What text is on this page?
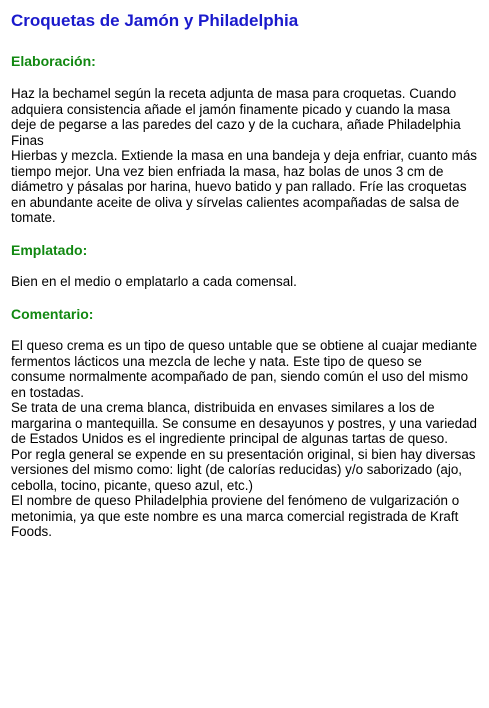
Croquetas de Jamón y Philadelphia
Elaboración:
Haz la bechamel según la receta adjunta de masa para croquetas. Cuando adquiera consistencia añade el jamón finamente picado y cuando la masa deje de pegarse a las paredes del cazo y de la cuchara, añade Philadelphia Finas
Hierbas y mezcla. Extiende la masa en una bandeja y deja enfriar, cuanto más tiempo mejor. Una vez bien enfriada la masa, haz bolas de unos 3 cm de diámetro y pásalas por harina, huevo batido y pan rallado. Fríe las croquetas en abundante aceite de oliva y sírvelas calientes acompañadas de salsa de tomate.
Emplatado:
Bien en el medio o emplatarlo a cada comensal.
Comentario:
El queso crema es un tipo de queso untable que se obtiene al cuajar mediante fermentos lácticos una mezcla de leche y nata. Este tipo de queso se consume normalmente acompañado de pan, siendo común el uso del mismo en tostadas.
Se trata de una crema blanca, distribuida en envases similares a los de margarina o mantequilla. Se consume en desayunos y postres, y una variedad de Estados Unidos es el ingrediente principal de algunas tartas de queso.
Por regla general se expende en su presentación original, si bien hay diversas versiones del mismo como: light (de calorías reducidas) y/o saborizado (ajo, cebolla, tocino, picante, queso azul, etc.)
El nombre de queso Philadelphia proviene del fenómeno de vulgarización o metonimia, ya que este nombre es una marca comercial registrada de Kraft Foods.
